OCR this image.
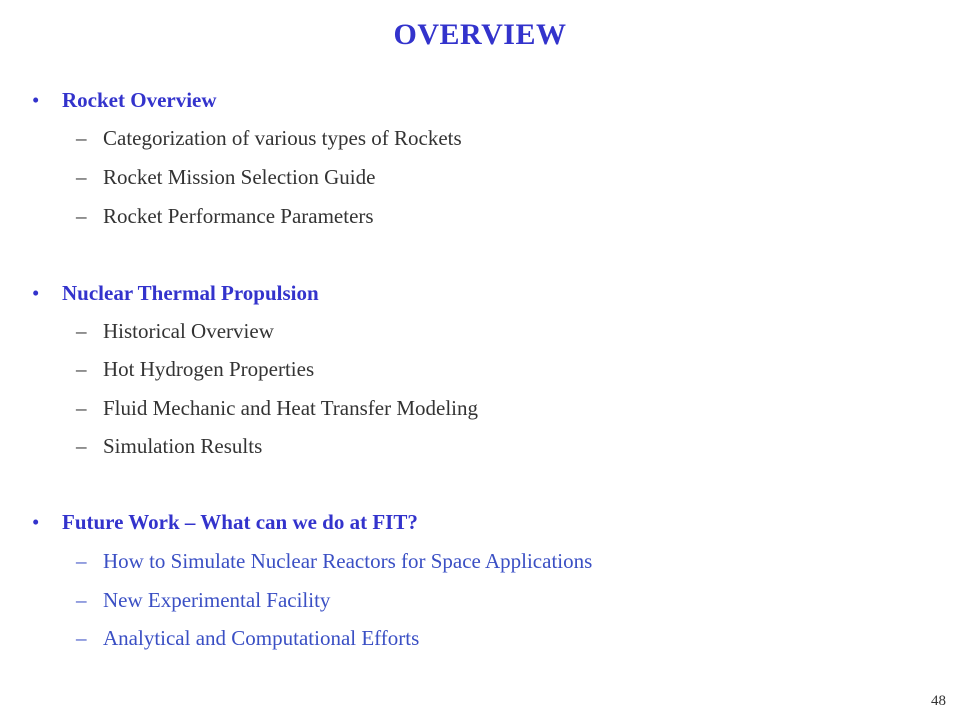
OVERVIEW
• Rocket Overview
– Categorization of various types of Rockets
– Rocket Mission Selection Guide
– Rocket Performance Parameters
• Nuclear Thermal Propulsion
– Historical Overview
– Hot Hydrogen Properties
– Fluid Mechanic and Heat Transfer Modeling
– Simulation Results
• Future Work – What can we do at FIT?
– How to Simulate Nuclear Reactors for Space Applications
– New Experimental Facility
– Analytical and Computational Efforts
48
